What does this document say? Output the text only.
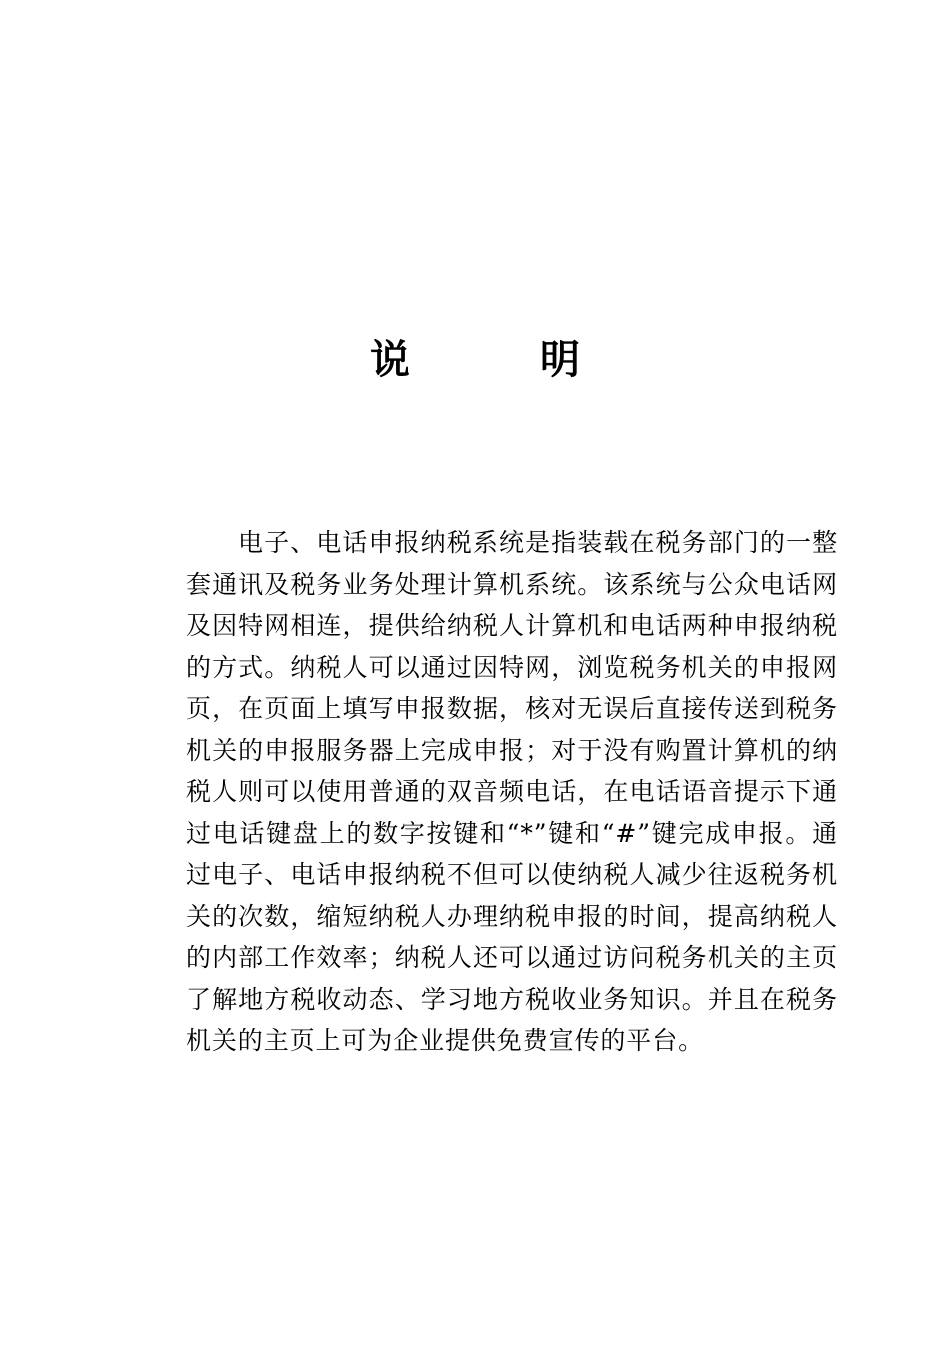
说 明

电子、电话申报纳税系统是指装载在税务部门的一整套通讯及税务业务处理计算机系统。该系统与公众电话网及因特网相连，提供给纳税人计算机和电话两种申报纳税的方式。纳税人可以通过因特网，浏览税务机关的申报网页，在页面上填写申报数据，核对无误后直接传送到税务机关的申报服务器上完成申报；对于没有购置计算机的纳税人则可以使用普通的双音频电话，在电话语音提示下通过电话键盘上的数字按键和“*”键和“#”键完成申报。通过电子、电话申报纳税不但可以使纳税人减少往返税务机关的次数，缩短纳税人办理纳税申报的时间，提高纳税人的内部工作效率；纳税人还可以通过访问税务机关的主页了解地方税收动态、学习地方税收业务知识。并且在税务机关的主页上可为企业提供免费宣传的平台。
